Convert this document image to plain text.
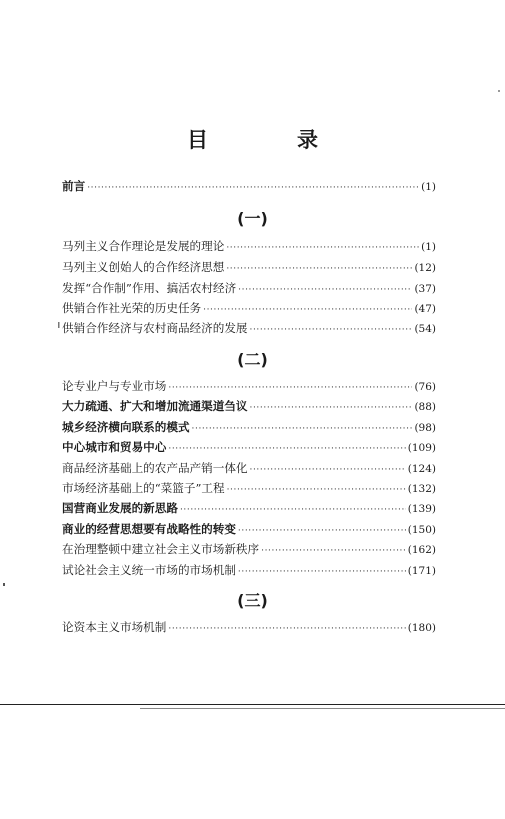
目　录
前言 ·····	(1)
(一)
马列主义合作理论是发展的理论 ·····	(1)
马列主义创始人的合作经济思想 ·····	(12)
发挥“合作制”作用、搞活农村经济 ·····	(37)
供销合作社光荣的历史任务 ·····	(47)
供销合作经济与农村商品经济的发展 ·····	(54)
(二)
论专业户与专业市场 ·····	(76)
大力疏通、扩大和增加流通渠道刍议 ·····	(88)
城乡经济横向联系的模式 ·····	(98)
中心城市和贸易中心 ·····	(109)
商品经济基础上的农产品产销一体化 ·····	(124)
市场经济基础上的“菜篮子”工程 ·····	(132)
国营商业发展的新思路 ·····	(139)
商业的经营思想要有战略性的转变 ·····	(150)
在治理整顿中建立社会主义市场新秩序 ·····	(162)
试论社会主义统一市场的市场机制 ·····	(171)
(三)
论资本主义市场机制 ·····	(180)
